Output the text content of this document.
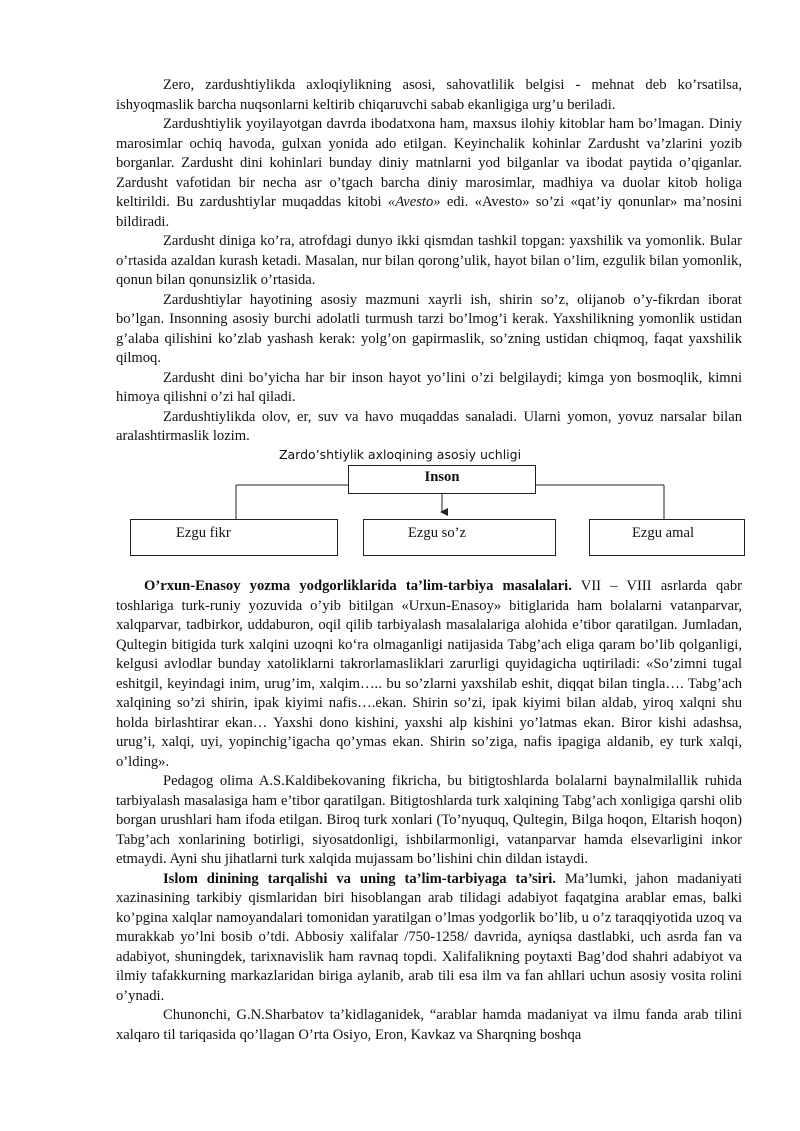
Zero, zardushtiylikda axloqiylikning asosi, sahovatlilik belgisi - mehnat deb ko’rsatilsa, ishyoqmaslik barcha nuqsonlarni keltirib chiqaruvchi sabab ekanligiga urg’u beriladi.

Zardushtiylik yoyilayotgan davrda ibodatxona ham, maxsus ilohiy kitoblar ham bo’lmagan. Diniy marosimlar ochiq havoda, gulxan yonida ado etilgan. Keyinchalik kohinlar Zardusht va’zlarini yozib borganlar. Zardusht dini kohinlari bunday diniy matnlarni yod bilganlar va ibodat paytida o’qiganlar. Zardusht vafotidan bir necha asr o’tgach barcha diniy marosimlar, madhiya va duolar kitob holiga keltirildi. Bu zardushtiylar muqaddas kitobi «Avesto» edi. «Avesto» so’zi «qat’iy qonunlar» ma’nosini bildiradi.

Zardusht diniga ko’ra, atrofdagi dunyo ikki qismdan tashkil topgan: yaxshilik va yomonlik. Bular o’rtasida azaldan kurash ketadi. Masalan, nur bilan qorong’ulik, hayot bilan o’lim, ezgulik bilan yomonlik, qonun bilan qonunsizlik o’rtasida.

Zardushtiylar hayotining asosiy mazmuni xayrli ish, shirin so’z, olijanob o’y-fikrdan iborat bo’lgan. Insonning asosiy burchi adolatli turmush tarzi bo’lmog’i kerak. Yaxshilikning yomonlik ustidan g’alaba qilishini ko’zlab yashash kerak: yolg’on gapirmaslik, so’zning ustidan chiqmoq, faqat yaxshilik qilmoq.

Zardusht dini bo’yicha har bir inson hayot yo’lini o’zi belgilaydi; kimga yon bosmoqlik, kimni himoya qilishni o’zi hal qiladi.

Zardushtiylikda olov, er, suv va havo muqaddas sanaladi. Ularni yomon, yovuz narsalar bilan aralashtirmaslik lozim.

Zardo’shtiylik axloqining asosiy uchligi
Inson
Ezgu fikr	Ezgu so’z	Ezgu amal

O’rxun-Enasoy yozma yodgorliklarida ta’lim-tarbiya masalalari. VII – VIII asrlarda qabr toshlariga turk-runiy yozuvida o’yib bitilgan «Urxun-Enasoy» bitiglarida ham bolalarni vatanparvar, xalqparvar, tadbirkor, uddaburon, oqil qilib tarbiyalash masalalariga alohida e’tibor qaratilgan. Jumladan, Qultegin bitigida turk xalqini uzoqni ko‘ra olmaganligi natijasida Tabg’ach eliga qaram bo’lib qolganligi, kelgusi avlodlar bunday xatoliklarni takrorlamasliklari zarurligi quyidagicha uqtiriladi: «So’zimni tugal eshitgil, keyindagi inim, urug’im, xalqim….. bu so’zlarni yaxshilab eshit, diqqat bilan tingla…. Tabg’ach xalqining so’zi shirin, ipak kiyimi nafis….ekan. Shirin so’zi, ipak kiyimi bilan aldab, yiroq xalqni shu holda birlashtirar ekan… Yaxshi dono kishini, yaxshi alp kishini yo’latmas ekan. Biror kishi adashsa, urug’i, xalqi, uyi, yopinchig’igacha qo’ymas ekan. Shirin so’ziga, nafis ipagiga aldanib, ey turk xalqi, o’lding».

Pedagog olima A.S.Kaldibekovaning fikricha, bu bitigtoshlarda bolalarni baynalmilallik ruhida tarbiyalash masalasiga ham e’tibor qaratilgan. Bitigtoshlarda turk xalqining Tabg’ach xonligiga qarshi olib borgan urushlari ham ifoda etilgan. Biroq turk xonlari (To’nyuquq, Qultegin, Bilga hoqon, Eltarish hoqon) Tabg’ach xonlarining botirligi, siyosatdonligi, ishbilarmonligi, vatanparvar hamda elsevarligini inkor etmaydi. Ayni shu jihatlarni turk xalqida mujassam bo’lishini chin dildan istaydi.

Islom dinining tarqalishi va uning ta’lim-tarbiyaga ta’siri. Ma’lumki, jahon madaniyati xazinasining tarkibiy qismlaridan biri hisoblangan arab tilidagi adabiyot faqatgina arablar emas, balki ko’pgina xalqlar namoyandalari tomonidan yaratilgan o’lmas yodgorlik bo’lib, u o’z taraqqiyotida uzoq va murakkab yo’lni bosib o’tdi. Abbosiy xalifalar /750-1258/ davrida, ayniqsa dastlabki, uch asrda fan va adabiyot, shuningdek, tarixnavislik ham ravnaq topdi. Xalifalikning poytaxti Bag’dod shahri adabiyot va ilmiy tafakkurning markazlaridan biriga aylanib, arab tili esa ilm va fan ahllari uchun asosiy vosita rolini o’ynadi.

Chunonchi, G.N.Sharbatov ta’kidlaganidek, “arablar hamda madaniyat va ilmu fanda arab tilini xalqaro til tariqasida qo’llagan O’rta Osiyo, Eron, Kavkaz va Sharqning boshqa
